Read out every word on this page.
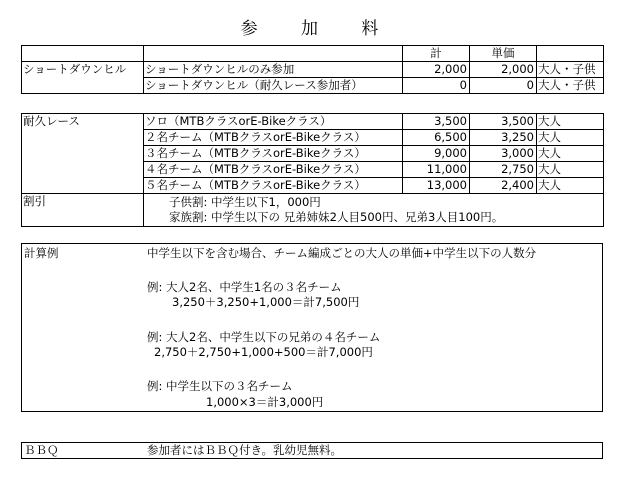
参 加 料
		計	単価	
ショートダウンヒル	ショートダウンヒルのみ参加	2,000	2,000	大人・子供
	ショートダウンヒル（耐久レース参加者）	0	0	大人・子供
耐久レース	ソロ（MTBクラスorE-Bikeクラス）	3,500	3,500	大人
	２名チーム（MTBクラスorE-Bikeクラス）	6,500	3,250	大人
	３名チーム（MTBクラスorE-Bikeクラス）	9,000	3,000	大人
	４名チーム（MTBクラスorE-Bikeクラス）	11,000	2,750	大人
	５名チーム（MTBクラスorE-Bikeクラス）	13,000	2,400	大人
割引	子供割: 中学生以下1，000円
家族割: 中学生以下の 兄弟姉妹2人目500円、兄弟3人目100円。			
計算例	中学生以下を含む場合、チーム編成ごとの大人の単価+中学生以下の人数分
例: 大人2名、中学生1名の３名チーム
3,250＋3,250+1,000＝計7,500円
例: 大人2名、中学生以下の兄弟の４名チーム
2,750＋2,750+1,000+500＝計7,000円
例: 中学生以下の３名チーム
1,000×3＝計3,000円
ＢＢＱ	参加者にはＢＢＱ付き。乳幼児無料。
